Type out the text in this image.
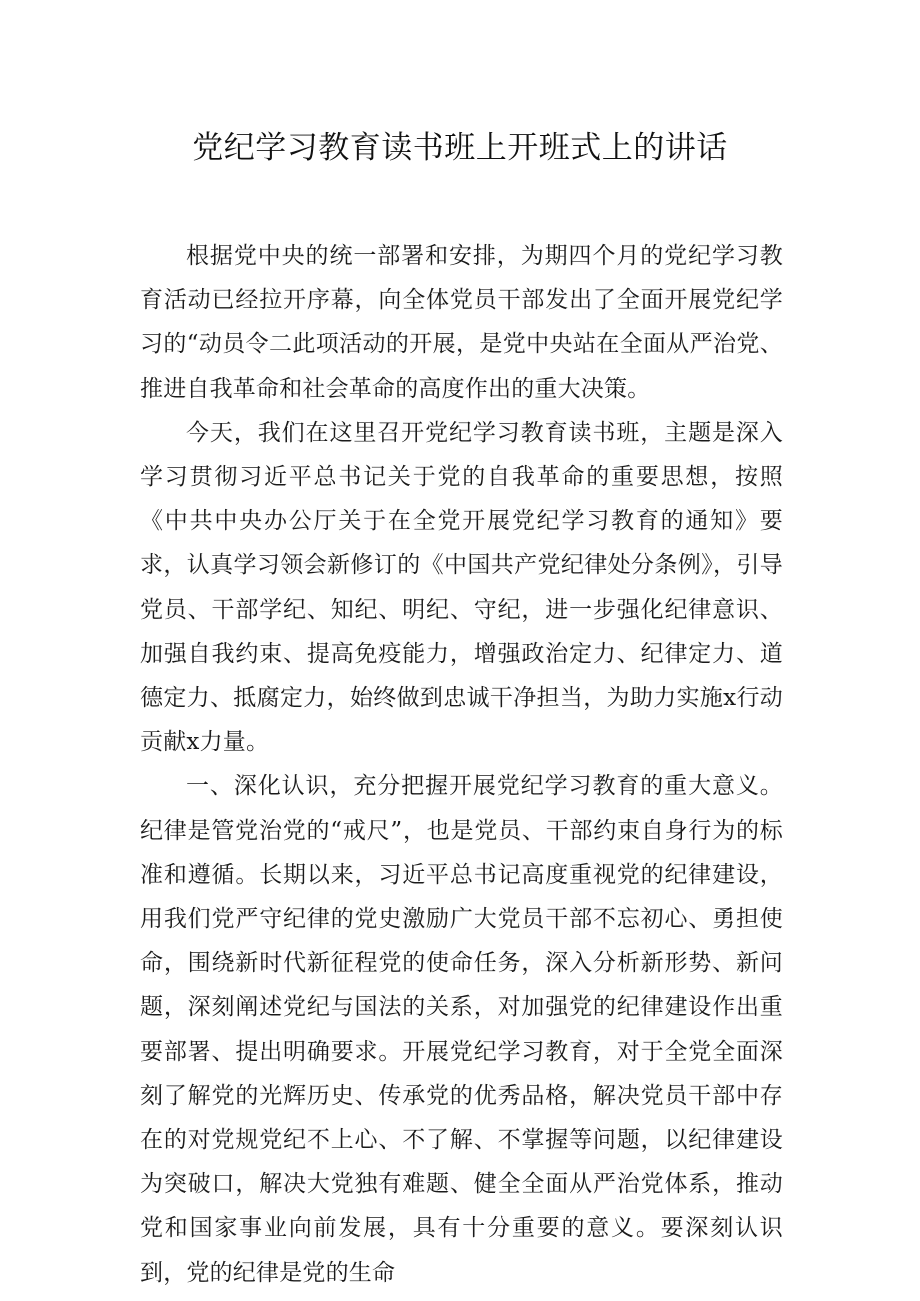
党纪学习教育读书班上开班式上的讲话

根据党中央的统一部署和安排，为期四个月的党纪学习教育活动已经拉开序幕，向全体党员干部发出了全面开展党纪学习的“动员令二此项活动的开展，是党中央站在全面从严治党、推进自我革命和社会革命的高度作出的重大决策。

今天，我们在这里召开党纪学习教育读书班，主题是深入学习贯彻习近平总书记关于党的自我革命的重要思想，按照《中共中央办公厅关于在全党开展党纪学习教育的通知》要求，认真学习领会新修订的《中国共产党纪律处分条例》，引导党员、干部学纪、知纪、明纪、守纪，进一步强化纪律意识、加强自我约束、提高免疫能力，增强政治定力、纪律定力、道德定力、抵腐定力，始终做到忠诚干净担当，为助力实施x行动贡献x力量。

一、深化认识，充分把握开展党纪学习教育的重大意义。纪律是管党治党的“戒尺”，也是党员、干部约束自身行为的标准和遵循。长期以来，习近平总书记高度重视党的纪律建设，用我们党严守纪律的党史激励广大党员干部不忘初心、勇担使命，围绕新时代新征程党的使命任务，深入分析新形势、新问题，深刻阐述党纪与国法的关系，对加强党的纪律建设作出重要部署、提出明确要求。开展党纪学习教育，对于全党全面深刻了解党的光辉历史、传承党的优秀品格，解决党员干部中存在的对党规党纪不上心、不了解、不掌握等问题，以纪律建设为突破口，解决大党独有难题、健全全面从严治党体系，推动党和国家事业向前发展，具有十分重要的意义。要深刻认识到，党的纪律是党的生命
